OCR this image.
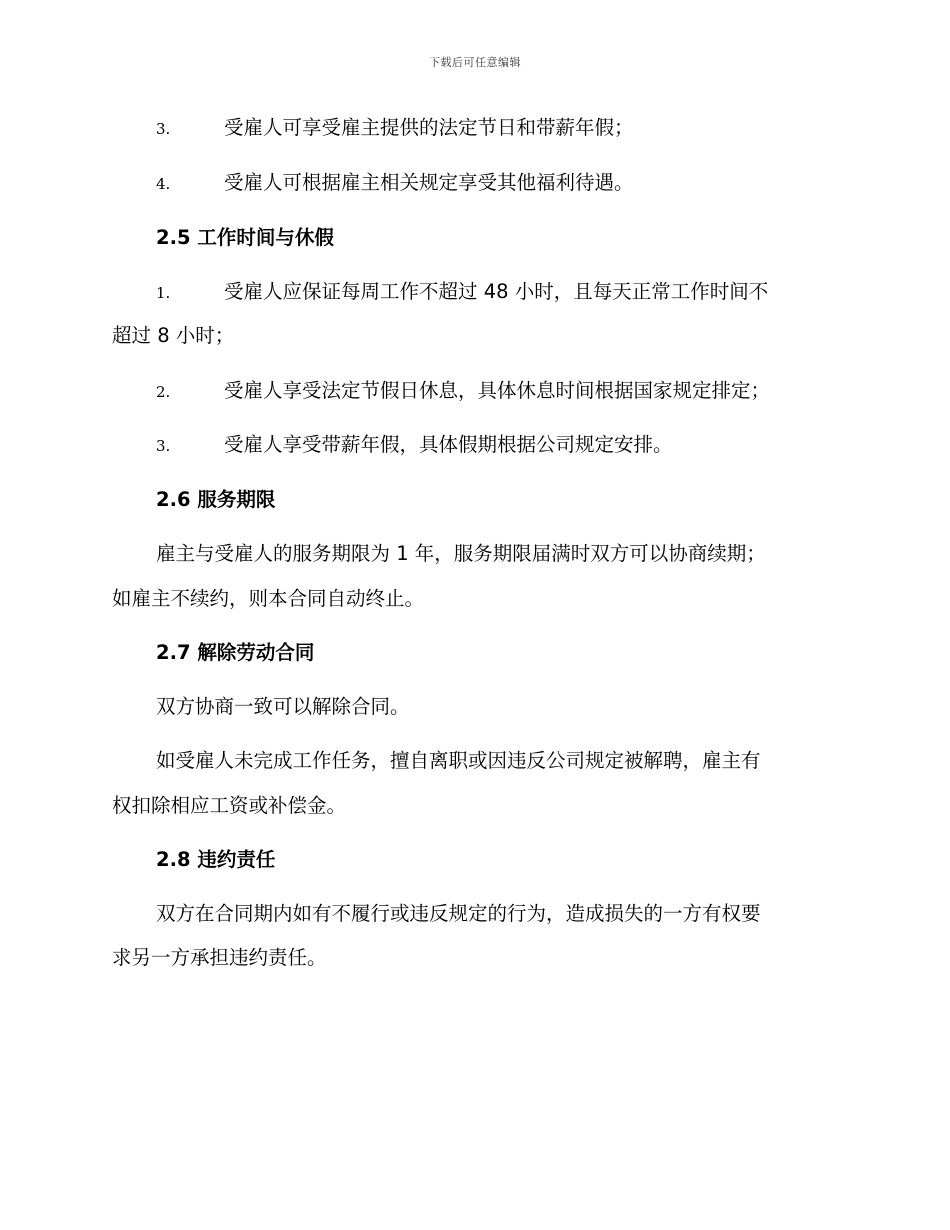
下载后可任意编辑
3.	受雇人可享受雇主提供的法定节日和带薪年假；
4.	受雇人可根据雇主相关规定享受其他福利待遇。
2.5 工作时间与休假
1.	受雇人应保证每周工作不超过 48 小时，且每天正常工作时间不
超过 8 小时；
2.	受雇人享受法定节假日休息，具体休息时间根据国家规定排定；
3.	受雇人享受带薪年假，具体假期根据公司规定安排。
2.6 服务期限
雇主与受雇人的服务期限为 1 年，服务期限届满时双方可以协商续期；
如雇主不续约，则本合同自动终止。
2.7 解除劳动合同
双方协商一致可以解除合同。
如受雇人未完成工作任务，擅自离职或因违反公司规定被解聘，雇主有
权扣除相应工资或补偿金。
2.8 违约责任
双方在合同期内如有不履行或违反规定的行为，造成损失的一方有权要
求另一方承担违约责任。
